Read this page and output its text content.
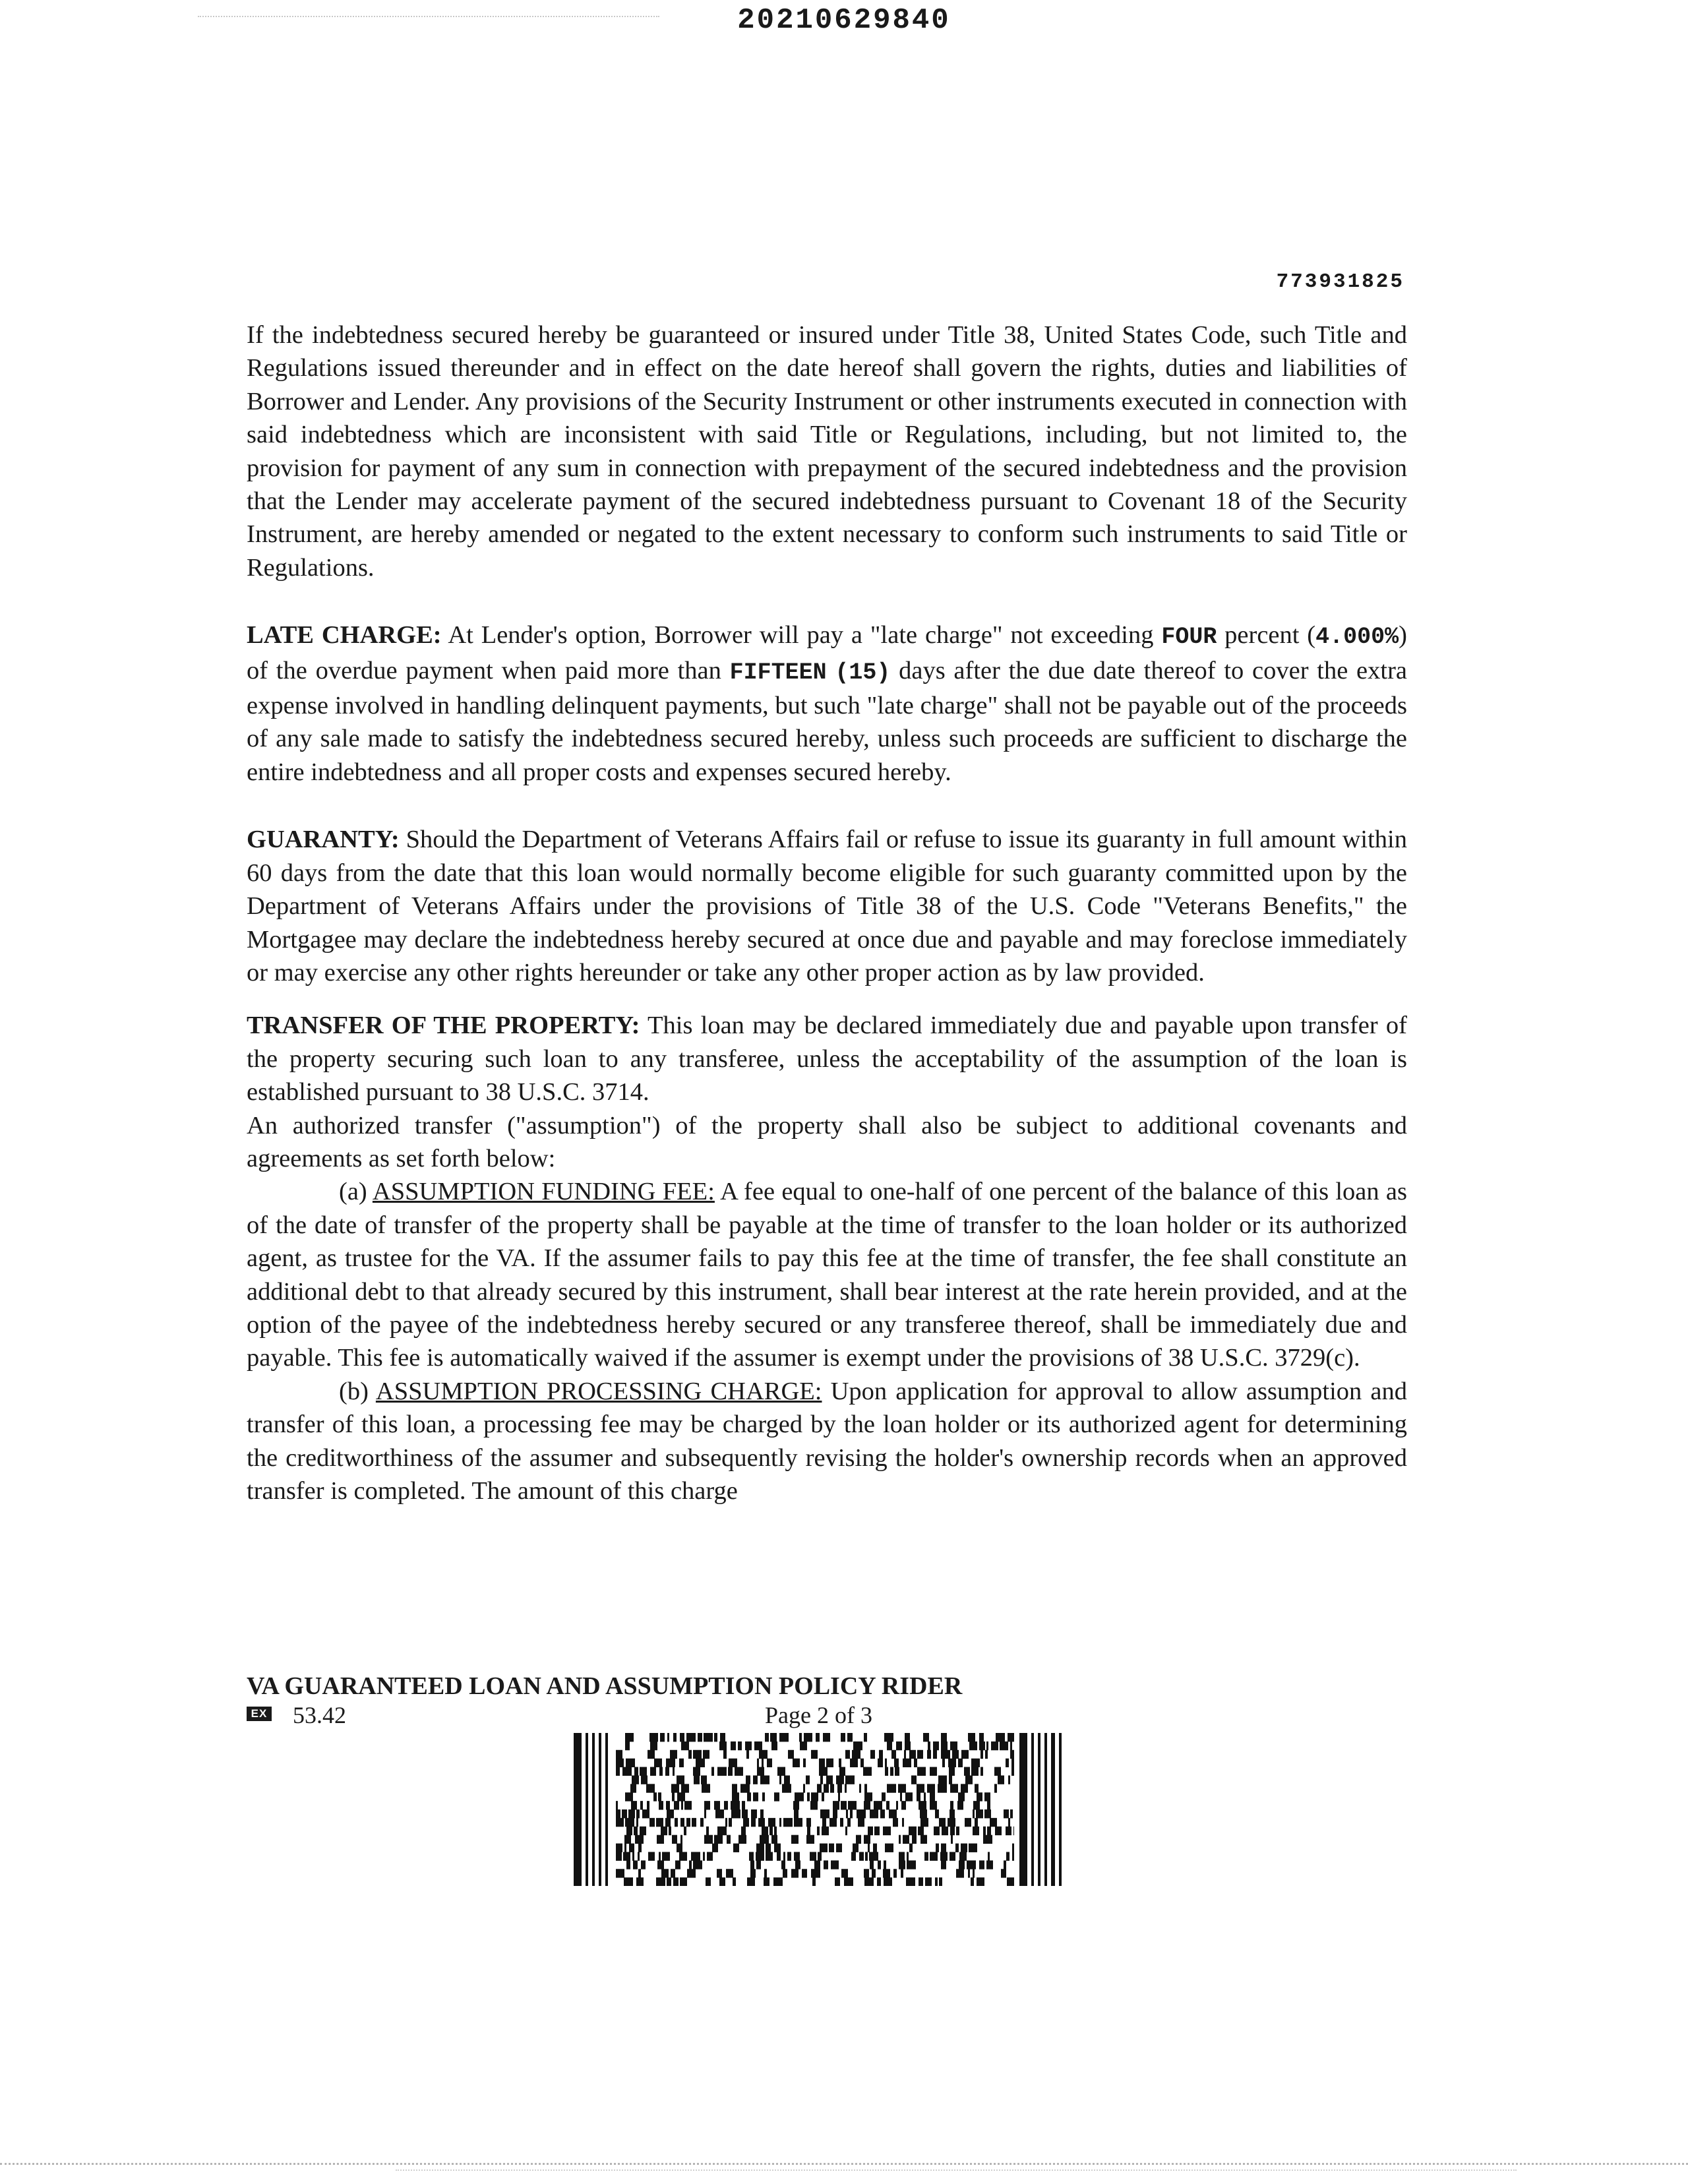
20210629840
773931825

If the indebtedness secured hereby be guaranteed or insured under Title 38, United States Code, such Title and Regulations issued thereunder and in effect on the date hereof shall govern the rights, duties and liabilities of Borrower and Lender. Any provisions of the Security Instrument or other instruments executed in connection with said indebtedness which are inconsistent with said Title or Regulations, including, but not limited to, the provision for payment of any sum in connection with prepayment of the secured indebtedness and the provision that the Lender may accelerate payment of the secured indebtedness pursuant to Covenant 18 of the Security Instrument, are hereby amended or negated to the extent necessary to conform such instruments to said Title or Regulations.

LATE CHARGE: At Lender's option, Borrower will pay a "late charge" not exceeding FOUR percent (4.000%) of the overdue payment when paid more than FIFTEEN (15) days after the due date thereof to cover the extra expense involved in handling delinquent payments, but such "late charge" shall not be payable out of the proceeds of any sale made to satisfy the indebtedness secured hereby, unless such proceeds are sufficient to discharge the entire indebtedness and all proper costs and expenses secured hereby.

GUARANTY: Should the Department of Veterans Affairs fail or refuse to issue its guaranty in full amount within 60 days from the date that this loan would normally become eligible for such guaranty committed upon by the Department of Veterans Affairs under the provisions of Title 38 of the U.S. Code "Veterans Benefits," the Mortgagee may declare the indebtedness hereby secured at once due and payable and may foreclose immediately or may exercise any other rights hereunder or take any other proper action as by law provided.

TRANSFER OF THE PROPERTY: This loan may be declared immediately due and payable upon transfer of the property securing such loan to any transferee, unless the acceptability of the assumption of the loan is established pursuant to 38 U.S.C. 3714.

An authorized transfer ("assumption") of the property shall also be subject to additional covenants and agreements as set forth below:

(a) ASSUMPTION FUNDING FEE: A fee equal to one-half of one percent of the balance of this loan as of the date of transfer of the property shall be payable at the time of transfer to the loan holder or its authorized agent, as trustee for the VA. If the assumer fails to pay this fee at the time of transfer, the fee shall constitute an additional debt to that already secured by this instrument, shall bear interest at the rate herein provided, and at the option of the payee of the indebtedness hereby secured or any transferee thereof, shall be immediately due and payable. This fee is automatically waived if the assumer is exempt under the provisions of 38 U.S.C. 3729(c).

(b) ASSUMPTION PROCESSING CHARGE: Upon application for approval to allow assumption and transfer of this loan, a processing fee may be charged by the loan holder or its authorized agent for determining the creditworthiness of the assumer and subsequently revising the holder's ownership records when an approved transfer is completed. The amount of this charge

VA GUARANTEED LOAN AND ASSUMPTION POLICY RIDER
EX 53.42	Page 2 of 3
